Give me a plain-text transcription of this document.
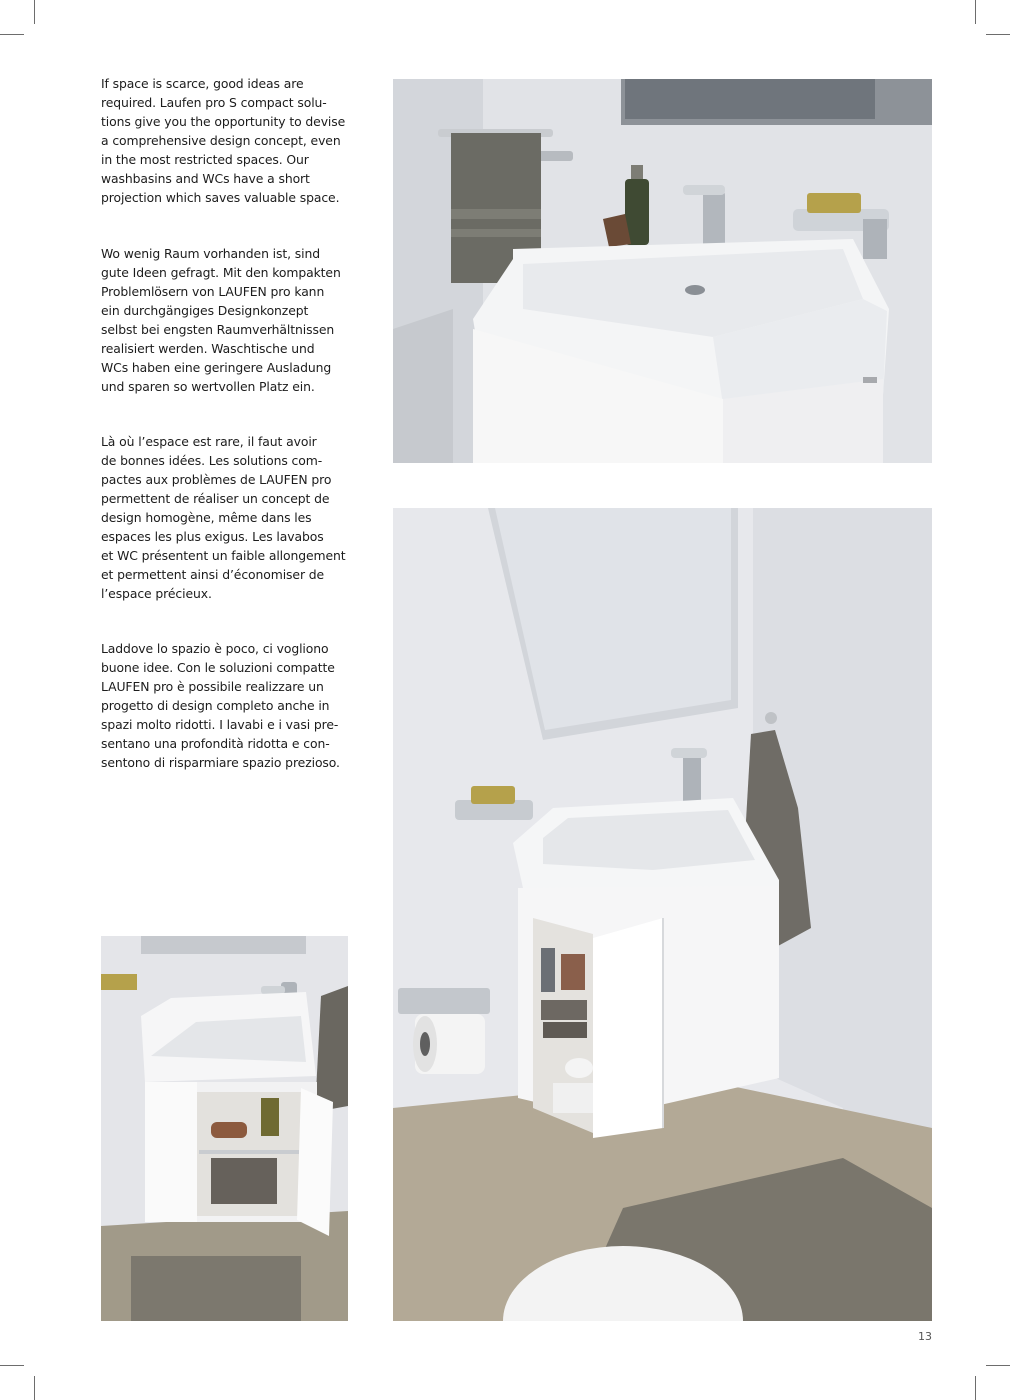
If space is scarce, good ideas are
required. Laufen pro S compact solu-
tions give you the opportunity to devise
a comprehensive design concept, even
in the most restricted spaces. Our
washbasins and WCs have a short
projection which saves valuable space.

Wo wenig Raum vorhanden ist, sind
gute Ideen gefragt. Mit den kompakten
Problemlösern von LAUFEN pro kann
ein durchgängiges Designkonzept
selbst bei engsten Raumverhältnissen
realisiert werden. Waschtische und
WCs haben eine geringere Ausladung
und sparen so wertvollen Platz ein.

Là où l’espace est rare, il faut avoir
de bonnes idées. Les solutions com-
pactes aux problèmes de LAUFEN pro
permettent de réaliser un concept de
design homogène, même dans les
espaces les plus exigus. Les lavabos
et WC présentent un faible allongement
et permettent ainsi d’économiser de
l’espace précieux.

Laddove lo spazio è poco, ci vogliono
buone idee. Con le soluzioni compatte
LAUFEN pro è possibile realizzare un
progetto di design completo anche in
spazi molto ridotti. I lavabi e i vasi pre-
sentano una profondità ridotta e con-
sentono di risparmiare spazio prezioso.

13
